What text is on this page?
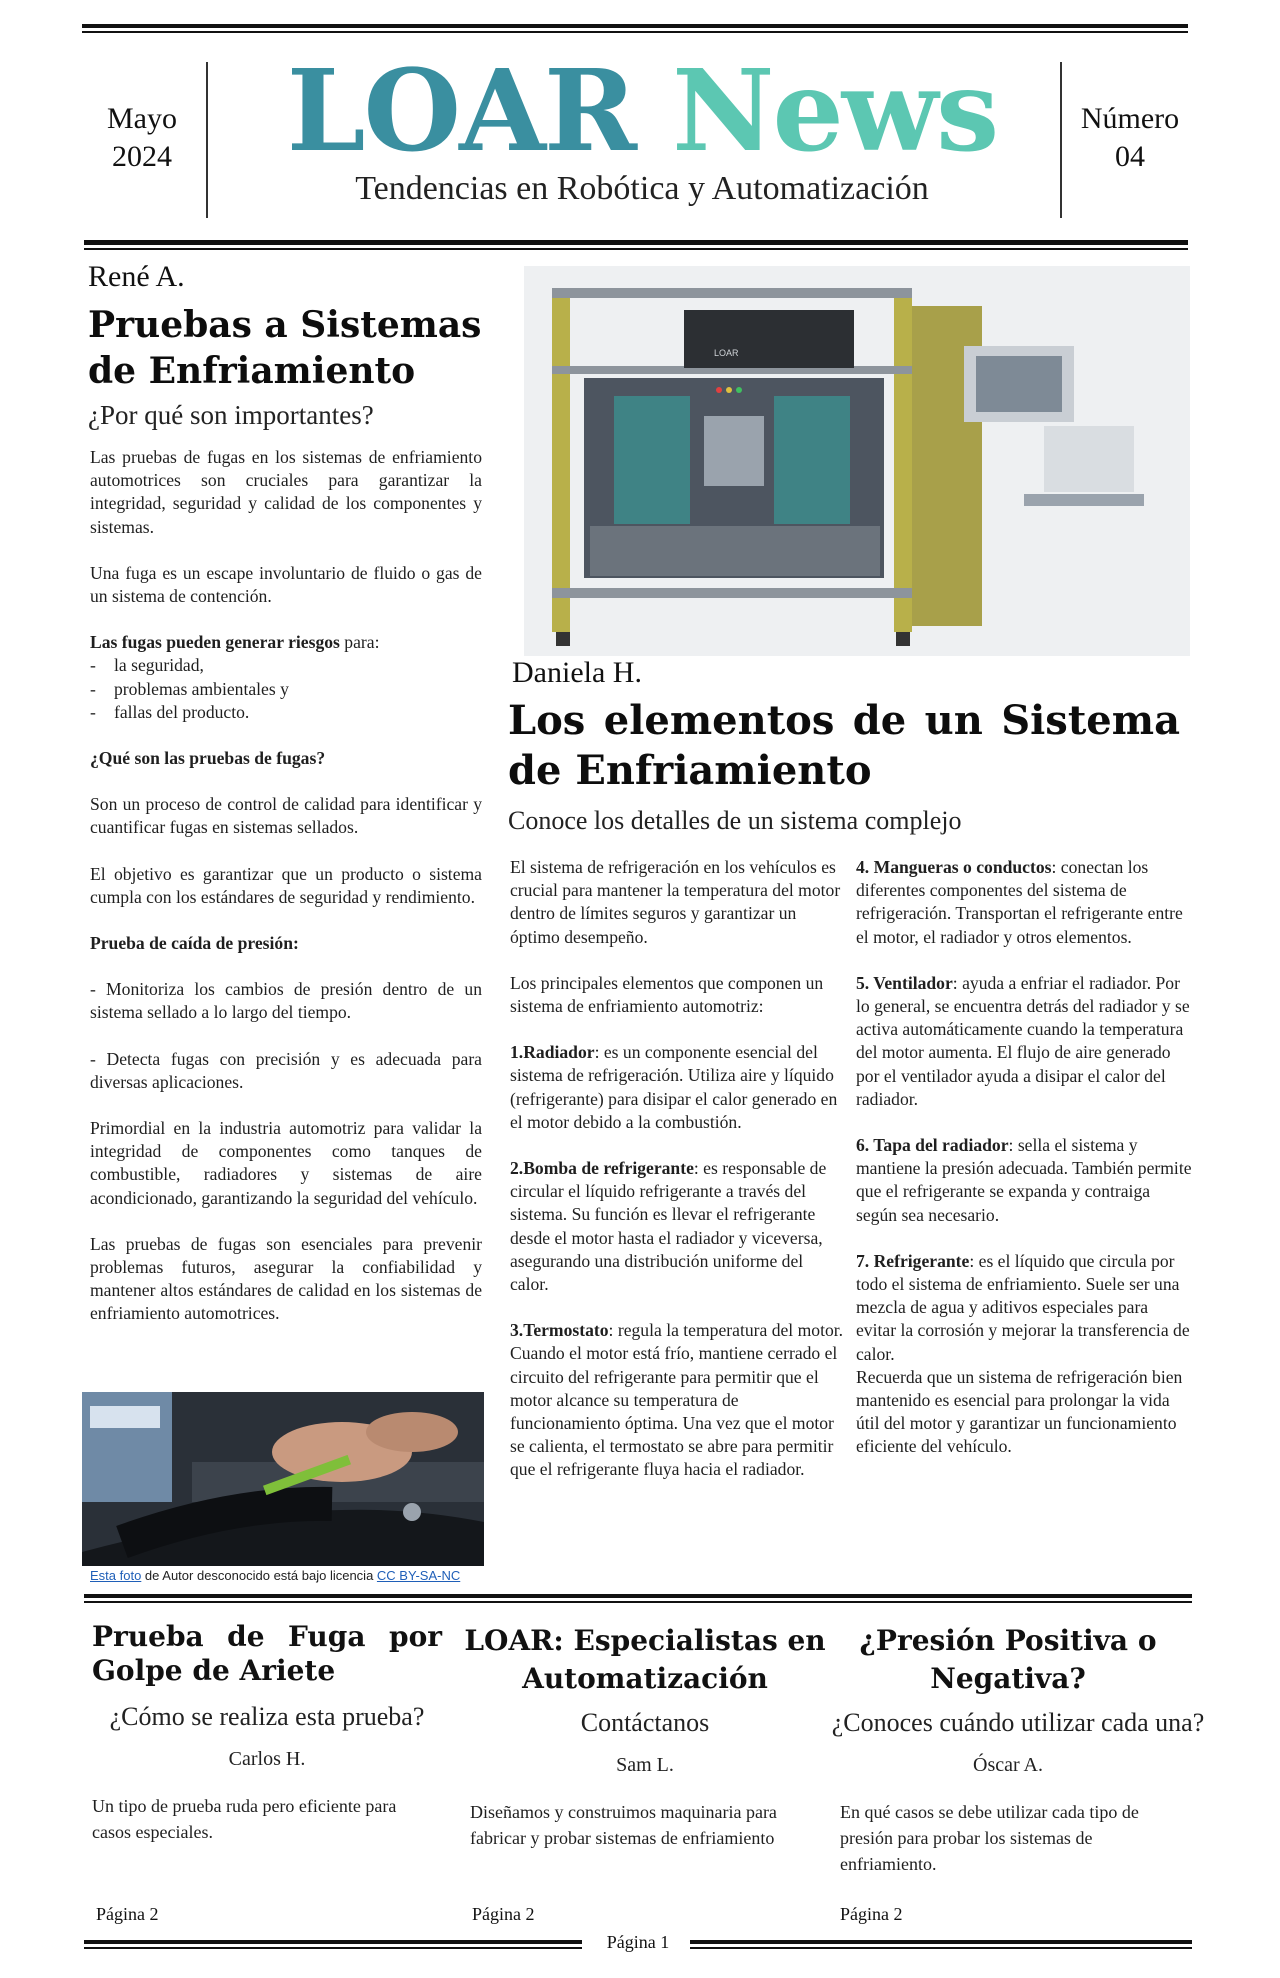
Mayo
2024	LOAR News
Tendencias en Robótica y Automatización
Número
04
René A.
Pruebas a Sistemas de Enfriamiento
¿Por qué son importantes?

Las pruebas de fugas en los sistemas de enfriamiento automotrices son cruciales para garantizar la integridad, seguridad y calidad de los componentes y sistemas.

Una fuga es un escape involuntario de fluido o gas de un sistema de contención.

Las fugas pueden generar riesgos para:
- la seguridad,
- problemas ambientales y
- fallas del producto.

¿Qué son las pruebas de fugas?

Son un proceso de control de calidad para identificar y cuantificar fugas en sistemas sellados.

El objetivo es garantizar que un producto o sistema cumpla con los estándares de seguridad y rendimiento.

Prueba de caída de presión:

- Monitoriza los cambios de presión dentro de un sistema sellado a lo largo del tiempo.

- Detecta fugas con precisión y es adecuada para diversas aplicaciones.

Primordial en la industria automotriz para validar la integridad de componentes como tanques de combustible, radiadores y sistemas de aire acondicionado, garantizando la seguridad del vehículo.

Las pruebas de fugas son esenciales para prevenir problemas futuros, asegurar la confiabilidad y mantener altos estándares de calidad en los sistemas de enfriamiento automotrices.

Esta foto de Autor desconocido está bajo licencia CC BY-SA-NC
LOAR
Daniela H.
Los elementos de un Sistema de Enfriamiento
Conoce los detalles de un sistema complejo

El sistema de refrigeración en los vehículos es crucial para mantener la temperatura del motor dentro de límites seguros y garantizar un óptimo desempeño.

Los principales elementos que componen un sistema de enfriamiento automotriz:

1.Radiador: es un componente esencial del sistema de refrigeración. Utiliza aire y líquido (refrigerante) para disipar el calor generado en el motor debido a la combustión.

2.Bomba de refrigerante: es responsable de circular el líquido refrigerante a través del sistema. Su función es llevar el refrigerante desde el motor hasta el radiador y viceversa, asegurando una distribución uniforme del calor.

3.Termostato: regula la temperatura del motor. Cuando el motor está frío, mantiene cerrado el circuito del refrigerante para permitir que el motor alcance su temperatura de funcionamiento óptima. Una vez que el motor se calienta, el termostato se abre para permitir que el refrigerante fluya hacia el radiador.

4. Mangueras o conductos: conectan los diferentes componentes del sistema de refrigeración. Transportan el refrigerante entre el motor, el radiador y otros elementos.

5. Ventilador: ayuda a enfriar el radiador. Por lo general, se encuentra detrás del radiador y se activa automáticamente cuando la temperatura del motor aumenta. El flujo de aire generado por el ventilador ayuda a disipar el calor del radiador.

6. Tapa del radiador: sella el sistema y mantiene la presión adecuada. También permite que el refrigerante se expanda y contraiga según sea necesario.

7. Refrigerante: es el líquido que circula por todo el sistema de enfriamiento. Suele ser una mezcla de agua y aditivos especiales para evitar la corrosión y mejorar la transferencia de calor.
Recuerda que un sistema de refrigeración bien mantenido es esencial para prolongar la vida útil del motor y garantizar un funcionamiento eficiente del vehículo.
Prueba de Fuga por Golpe de Ariete
¿Cómo se realiza esta prueba?
Carlos H.
Un tipo de prueba ruda pero eficiente para casos especiales.
Página 2
LOAR: Especialistas en Automatización
Contáctanos
Sam L.
Diseñamos y construimos maquinaria para fabricar y probar sistemas de enfriamiento
Página 2
¿Presión Positiva o Negativa?
¿Conoces cuándo utilizar cada una?
Óscar A.
En qué casos se debe utilizar cada tipo de presión para probar los sistemas de enfriamiento.
Página 2
Página 1
